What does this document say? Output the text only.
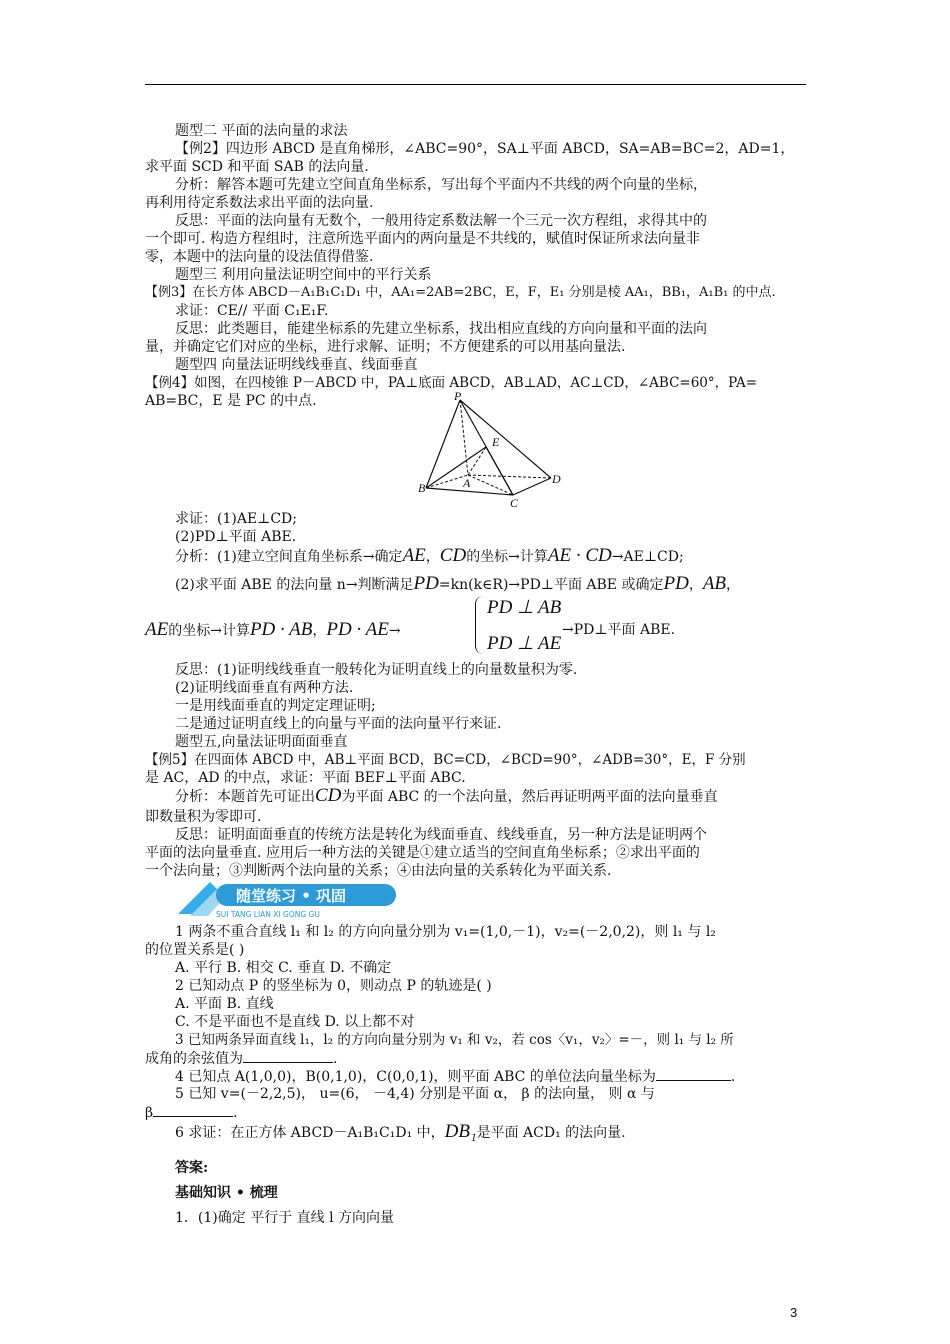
题型二 平面的法向量的求法
【例2】四边形 ABCD 是直角梯形，∠ABC=90°，SA⊥平面 ABCD，SA=AB=BC=2，AD=1，
求平面 SCD 和平面 SAB 的法向量.
分析：解答本题可先建立空间直角坐标系，写出每个平面内不共线的两个向量的坐标，
再利用待定系数法求出平面的法向量.
反思：平面的法向量有无数个，一般用待定系数法解一个三元一次方程组，求得其中的
一个即可. 构造方程组时，注意所选平面内的两向量是不共线的，赋值时保证所求法向量非
零，本题中的法向量的设法值得借鉴.
题型三 利用向量法证明空间中的平行关系
【例3】在长方体 ABCD－A₁B₁C₁D₁ 中，AA₁=2AB=2BC，E，F，E₁ 分别是棱 AA₁，BB₁，A₁B₁ 的中点.
求证：CE// 平面 C₁E₁F.
反思：此类题目，能建坐标系的先建立坐标系，找出相应直线的方向向量和平面的法向
量，并确定它们对应的坐标，进行求解、证明；不方便建系的可以用基向量法.
题型四 向量法证明线线垂直、线面垂直
【例4】如图，在四棱锥 P－ABCD 中，PA⊥底面 ABCD，AB⊥AD，AC⊥CD，∠ABC=60°，PA=
AB=BC，E 是 PC 的中点.	P
E
A
B
C
D
求证：(1)AE⊥CD;
(2)PD⊥平面 ABE.
分析：(1)建立空间直角坐标系→确定AE，CD的坐标→计算AE · CD→AE⊥CD;
(2)求平面 ABE 的法向量 n→判断满足PD=kn(k∈R)→PD⊥平面 ABE 或确定PD，AB，
AE的坐标→计算PD · AB，PD · AE→
PD ⊥ AB
PD ⊥ AE
→PD⊥平面 ABE.
反思：(1)证明线线垂直一般转化为证明直线上的向量数量积为零.
(2)证明线面垂直有两种方法.
一是用线面垂直的判定定理证明;
二是通过证明直线上的向量与平面的法向量平行来证.
题型五,向量法证明面面垂直
【例5】在四面体 ABCD 中，AB⊥平面 BCD，BC=CD，∠BCD=90°，∠ADB=30°，E，F 分别
是 AC，AD 的中点，求证：平面 BEF⊥平面 ABC.
分析：本题首先可证出CD为平面 ABC 的一个法向量，然后再证明两平面的法向量垂直
即数量积为零即可.
反思：证明面面垂直的传统方法是转化为线面垂直、线线垂直，另一种方法是证明两个
平面的法向量垂直. 应用后一种方法的关键是①建立适当的空间直角坐标系；②求出平面的
一个法向量；③判断两个法向量的关系；④由法向量的关系转化为平面关系.
随堂练习 • 巩固
SUI TANG LIAN XI GONG GU
1 两条不重合直线 l₁ 和 l₂ 的方向向量分别为 v₁=(1,0,－1)，v₂=(－2,0,2)，则 l₁ 与 l₂
的位置关系是( )
A. 平行 B. 相交 C. 垂直 D. 不确定
2 已知动点 P 的竖坐标为 0，则动点 P 的轨迹是( )
A. 平面 B. 直线
C. 不是平面也不是直线 D. 以上都不对
3 已知两条异面直线 l₁，l₂ 的方向向量分别为 v₁ 和 v₂，若 cos〈v₁，v₂〉=－，则 l₁ 与 l₂ 所
成角的余弦值为	.
4 已知点 A(1,0,0)，B(0,1,0)，C(0,0,1)，则平面 ABC 的单位法向量坐标为	.
5 已知 v=(－2,2,5)， u=(6， －4,4) 分别是平面 α， β 的法向量， 则 α 与
β	.
6 求证：在正方体 ABCD－A₁B₁C₁D₁ 中，DB₁是平面 ACD₁ 的法向量.
答案:
基础知识 • 梳理
1．(1)确定 平行于 直线 l 方向向量
3
